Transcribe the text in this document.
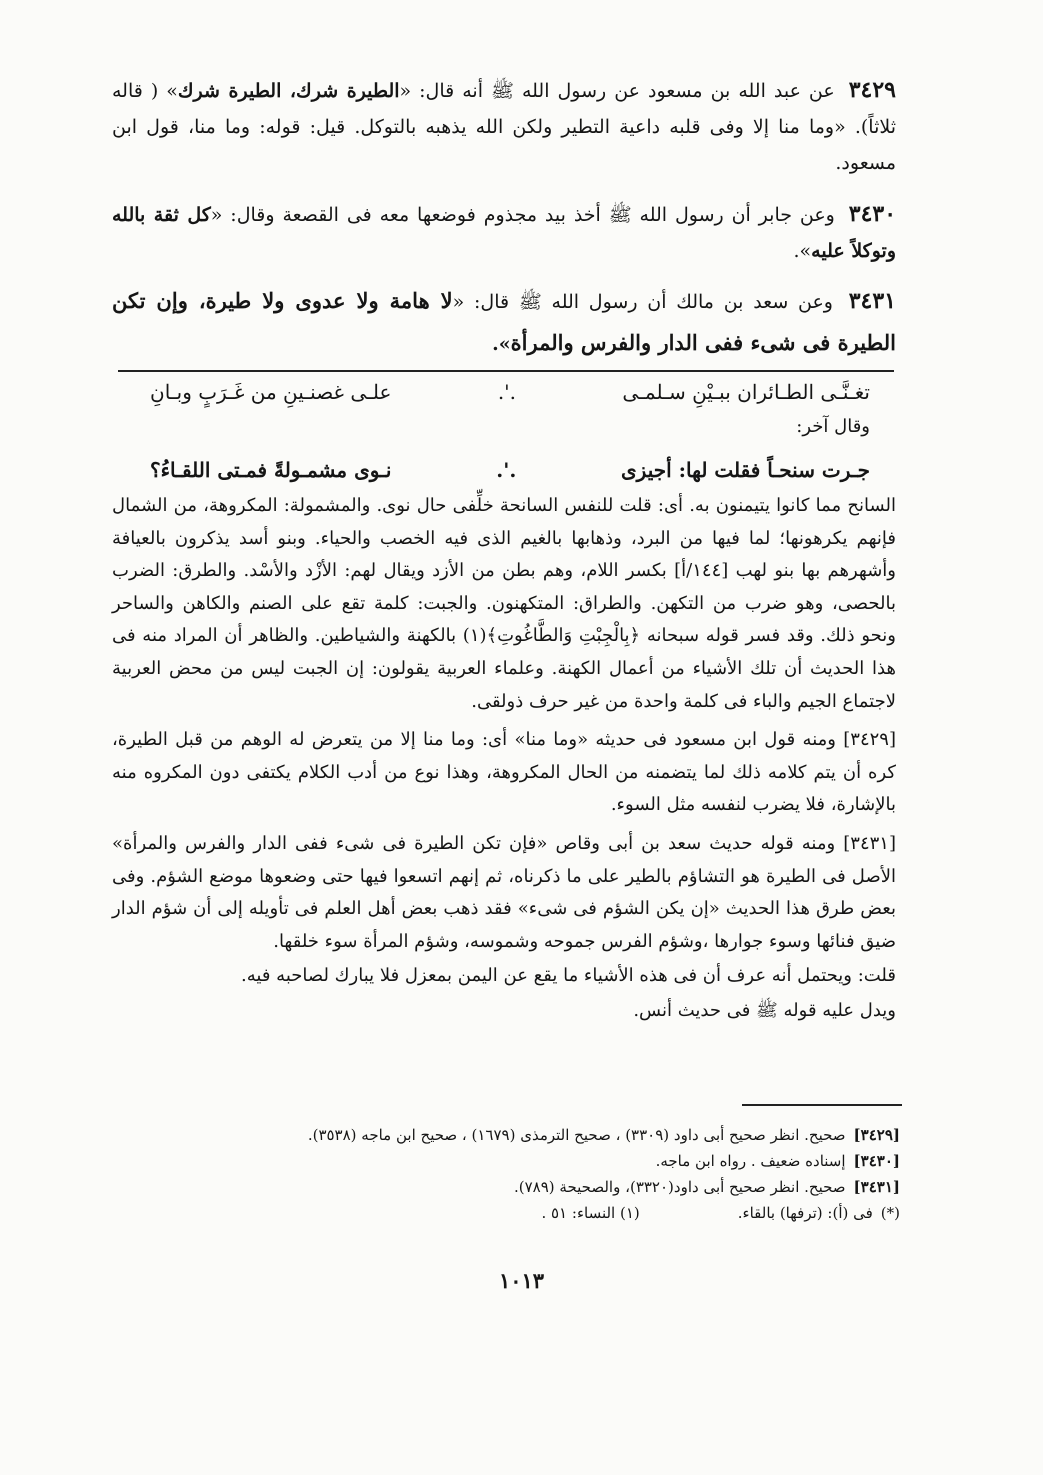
٣٤٢٩ عن عبد الله بن مسعود عن رسول الله ﷺ أنه قال: «الطيرة شرك، الطيرة شرك» ( قاله ثلاثاً). «وما منا إلا وفى قلبه داعية التطير ولكن الله يذهبه بالتوكل. قيل: قوله: وما منا، قول ابن مسعود.
٣٤٣٠ وعن جابر أن رسول الله ﷺ أخذ بيد مجذوم فوضعها معه فى القصعة وقال: «كل ثقة بالله وتوكلاً عليه».
٣٤٣١ وعن سعد بن مالك أن رسول الله ﷺ قال: «لا هامة ولا عدوى ولا طيرة، وإن تكن الطيرة فى شىء ففى الدار والفرس والمرأة».
تغـنَّـى الطـائران ببـيْنِ سـلمـى
.'.
علـى غصنـينِ من غَـرَبٍ وبـانِ
وقال آخر:
جـرت سنحـاً فقلت لها: أجيزى
.'.
نـوى مشمـولةً فمـتى اللقـاءُ؟

السانح مما كانوا يتيمنون به. أى: قلت للنفس السانحة خلِّفى حال نوى. والمشمولة: المكروهة، من الشمال فإنهم يكرهونها؛ لما فيها من البرد، وذهابها بالغيم الذى فيه الخصب والحياء. وبنو أسد يذكرون بالعيافة وأشهرهم بها بنو لهب [١٤٤/أ] بكسر اللام، وهم بطن من الأزد ويقال لهم: الأزْد والأسْد. والطرق: الضرب بالحصى، وهو ضرب من التكهن. والطراق: المتكهنون. والجبت: كلمة تقع على الصنم والكاهن والساحر ونحو ذلك. وقد فسر قوله سبحانه ﴿بِالْجِبْتِ وَالطَّاغُوتِ﴾(١) بالكهنة والشياطين. والظاهر أن المراد منه فى هذا الحديث أن تلك الأشياء من أعمال الكهنة. وعلماء العربية يقولون: إن الجبت ليس من محض العربية لاجتماع الجيم والباء فى كلمة واحدة من غير حرف ذولقى.

[٣٤٢٩] ومنه قول ابن مسعود فى حديثه «وما منا» أى: وما منا إلا من يتعرض له الوهم من قبل الطيرة، كره أن يتم كلامه ذلك لما يتضمنه من الحال المكروهة، وهذا نوع من أدب الكلام يكتفى دون المكروه منه بالإشارة، فلا يضرب لنفسه مثل السوء.

[٣٤٣١] ومنه قوله حديث سعد بن أبى وقاص «فإن تكن الطيرة فى شىء ففى الدار والفرس والمرأة» الأصل فى الطيرة هو التشاؤم بالطير على ما ذكرناه، ثم إنهم اتسعوا فيها حتى وضعوها موضع الشؤم. وفى بعض طرق هذا الحديث «إن يكن الشؤم فى شىء» فقد ذهب بعض أهل العلم فى تأويله إلى أن شؤم الدار ضيق فنائها وسوء جوارها ،وشؤم الفرس جموحه وشموسه، وشؤم المرأة سوء خلقها.

قلت: ويحتمل أنه عرف أن فى هذه الأشياء ما يقع عن اليمن بمعزل فلا يبارك لصاحبه فيه.

ويدل عليه قوله ﷺ فى حديث أنس.

[٣٤٢٩]
صحيح. انظر صحيح أبى داود (٣٣٠٩) ، صحيح الترمذى (١٦٧٩) ، صحيح ابن ماجه (٣٥٣٨).
[٣٤٣٠]
إسناده ضعيف . رواه ابن ماجه.
[٣٤٣١]
صحيح. انظر صحيح أبى داود(٣٣٢٠)، والصحيحة (٧٨٩).
(*)
فى (أ): (ترفها) بالقاء.
(١) النساء: ٥١ .
١٠١٣
